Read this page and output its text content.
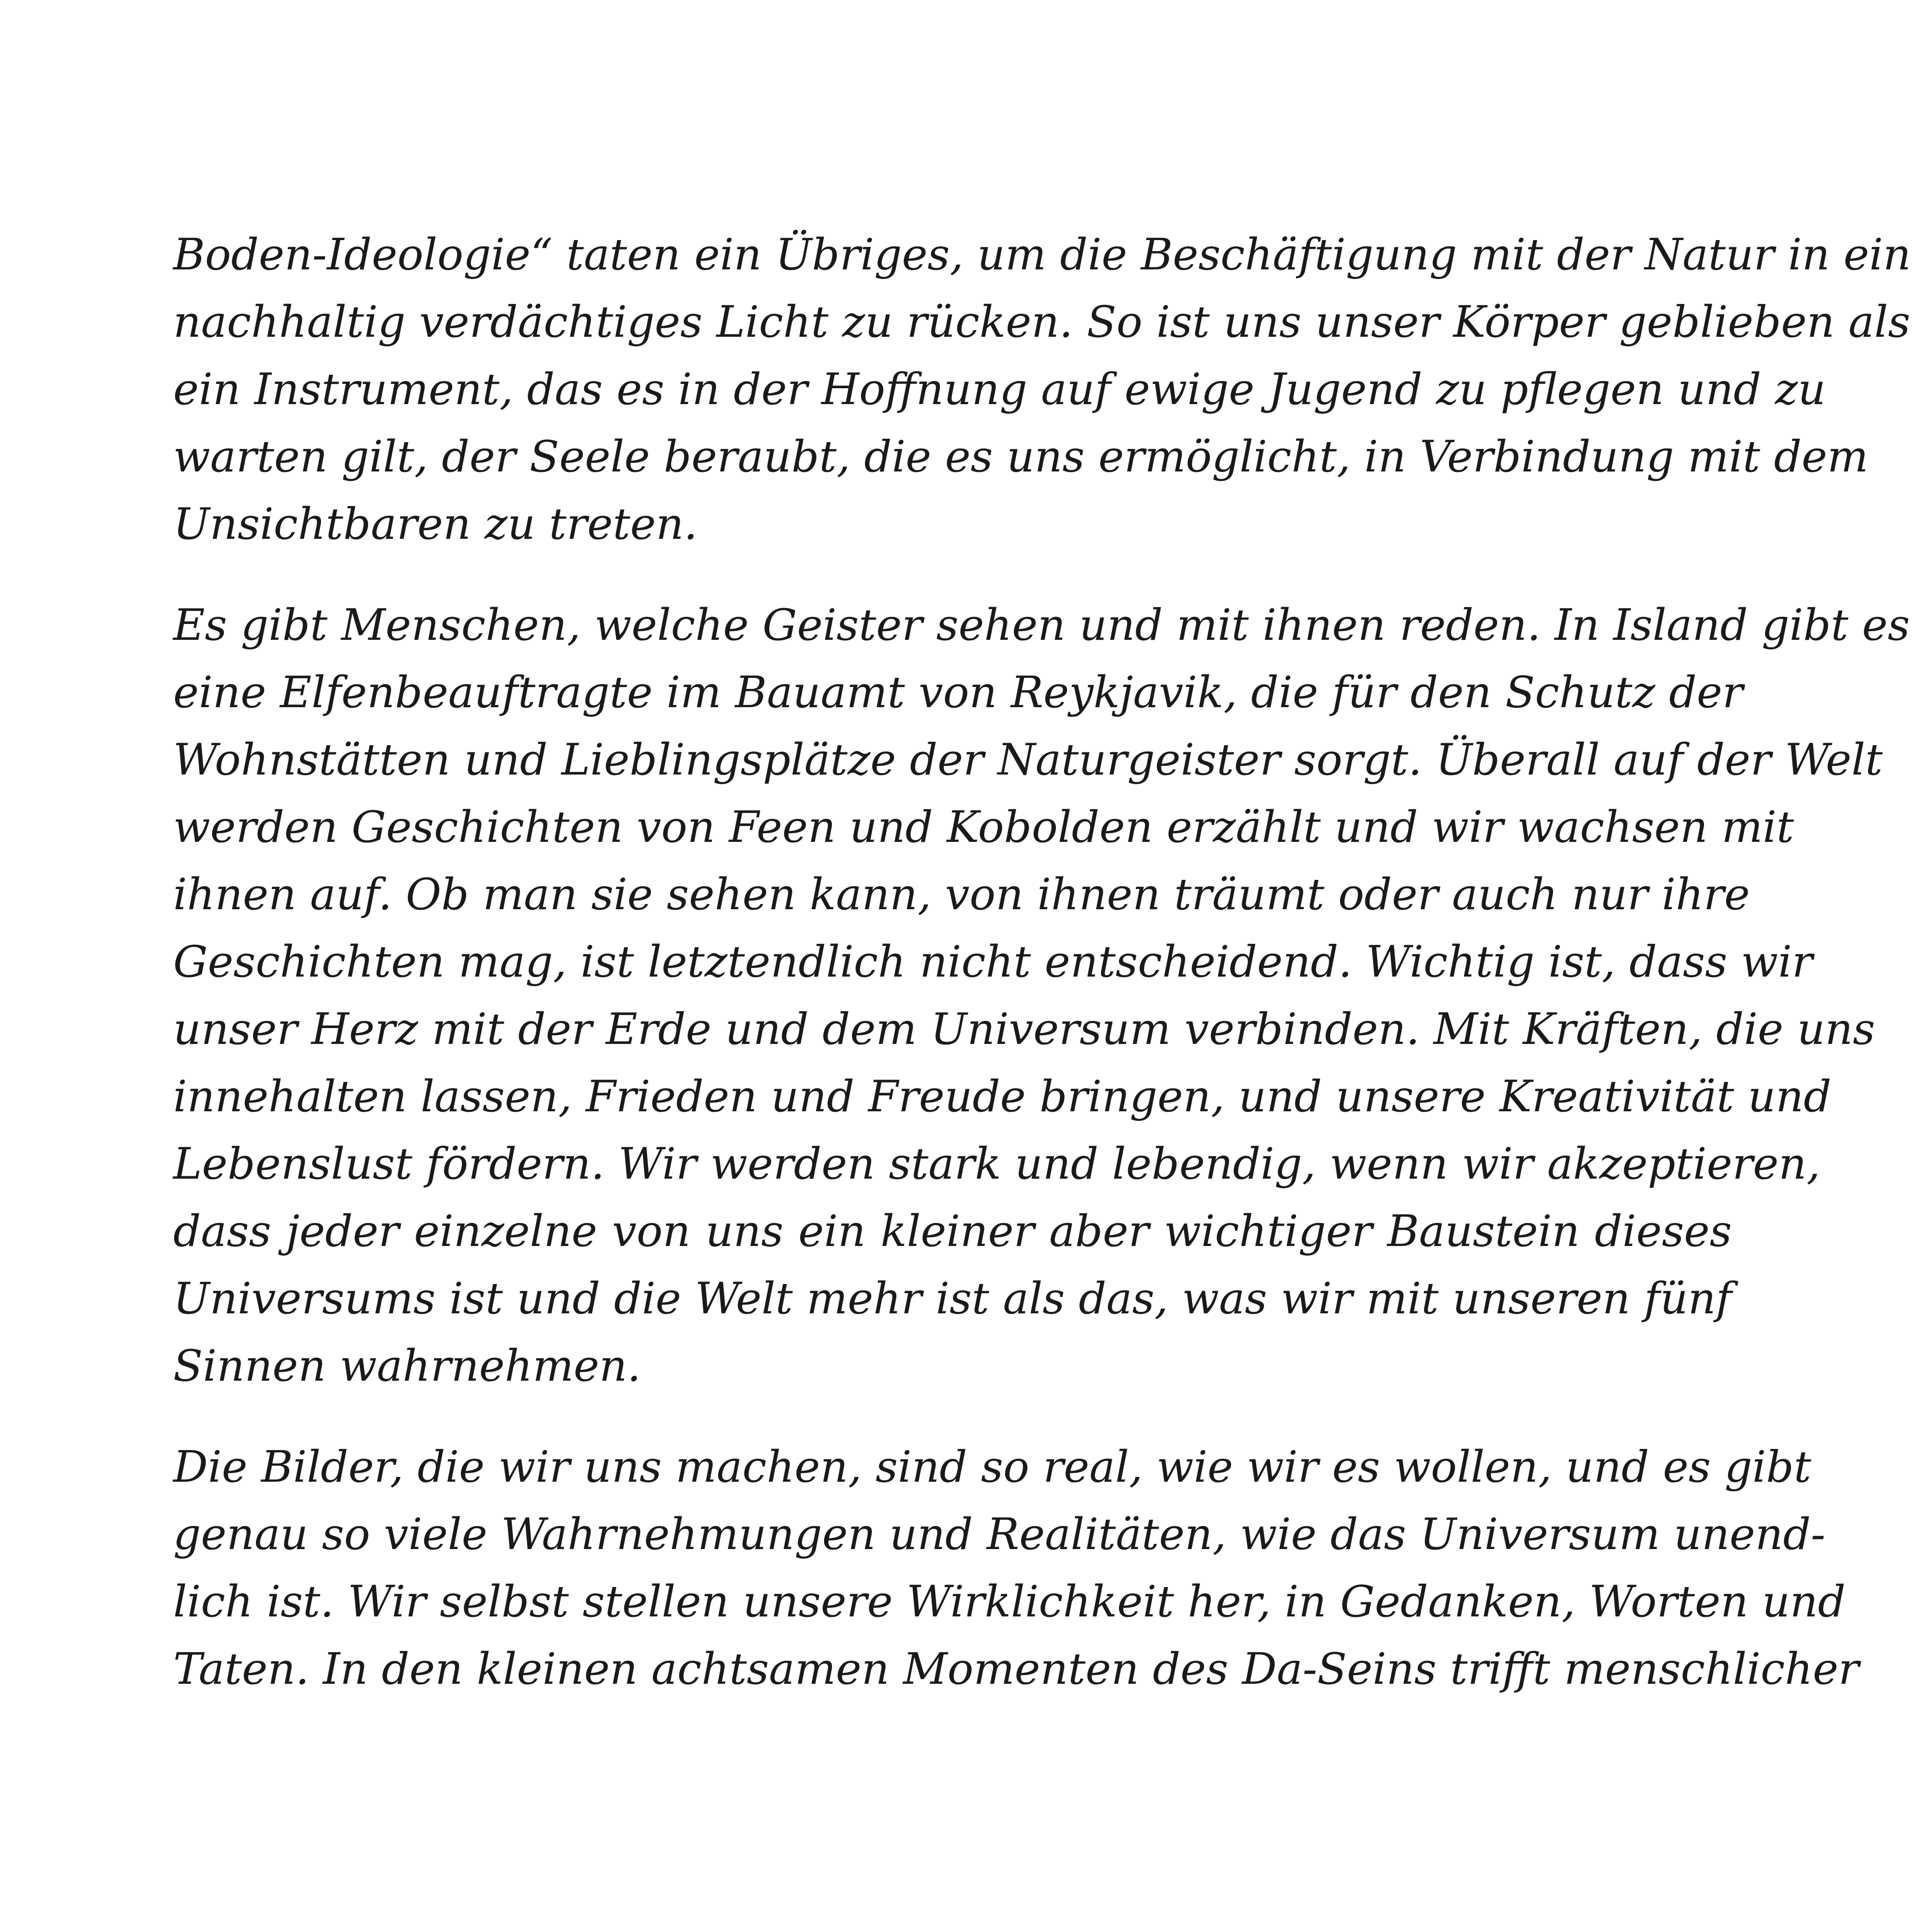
Boden-Ideologie“ taten ein Übriges, um die Beschäftigung mit der Natur in ein
nachhaltig verdächtiges Licht zu rücken. So ist uns unser Körper geblieben als
ein Instrument, das es in der Hoffnung auf ewige Jugend zu pflegen und zu
warten gilt, der Seele beraubt, die es uns ermöglicht, in Verbindung mit dem
Unsichtbaren zu treten.
Es gibt Menschen, welche Geister sehen und mit ihnen reden. In Island gibt es
eine Elfenbeauftragte im Bauamt von Reykjavik, die für den Schutz der
Wohnstätten und Lieblingsplätze der Naturgeister sorgt. Überall auf der Welt
werden Geschichten von Feen und Kobolden erzählt und wir wachsen mit
ihnen auf. Ob man sie sehen kann, von ihnen träumt oder auch nur ihre
Geschichten mag, ist letztendlich nicht entscheidend. Wichtig ist, dass wir
unser Herz mit der Erde und dem Universum verbinden. Mit Kräften, die uns
innehalten lassen, Frieden und Freude bringen, und unsere Kreativität und
Lebenslust fördern. Wir werden stark und lebendig, wenn wir akzeptieren,
dass jeder einzelne von uns ein kleiner aber wichtiger Baustein dieses
Universums ist und die Welt mehr ist als das, was wir mit unseren fünf
Sinnen wahrnehmen.
Die Bilder, die wir uns machen, sind so real, wie wir es wollen, und es gibt
genau so viele Wahrnehmungen und Realitäten, wie das Universum unend-
lich ist. Wir selbst stellen unsere Wirklichkeit her, in Gedanken, Worten und
Taten. In den kleinen achtsamen Momenten des Da-Seins trifft menschlicher
